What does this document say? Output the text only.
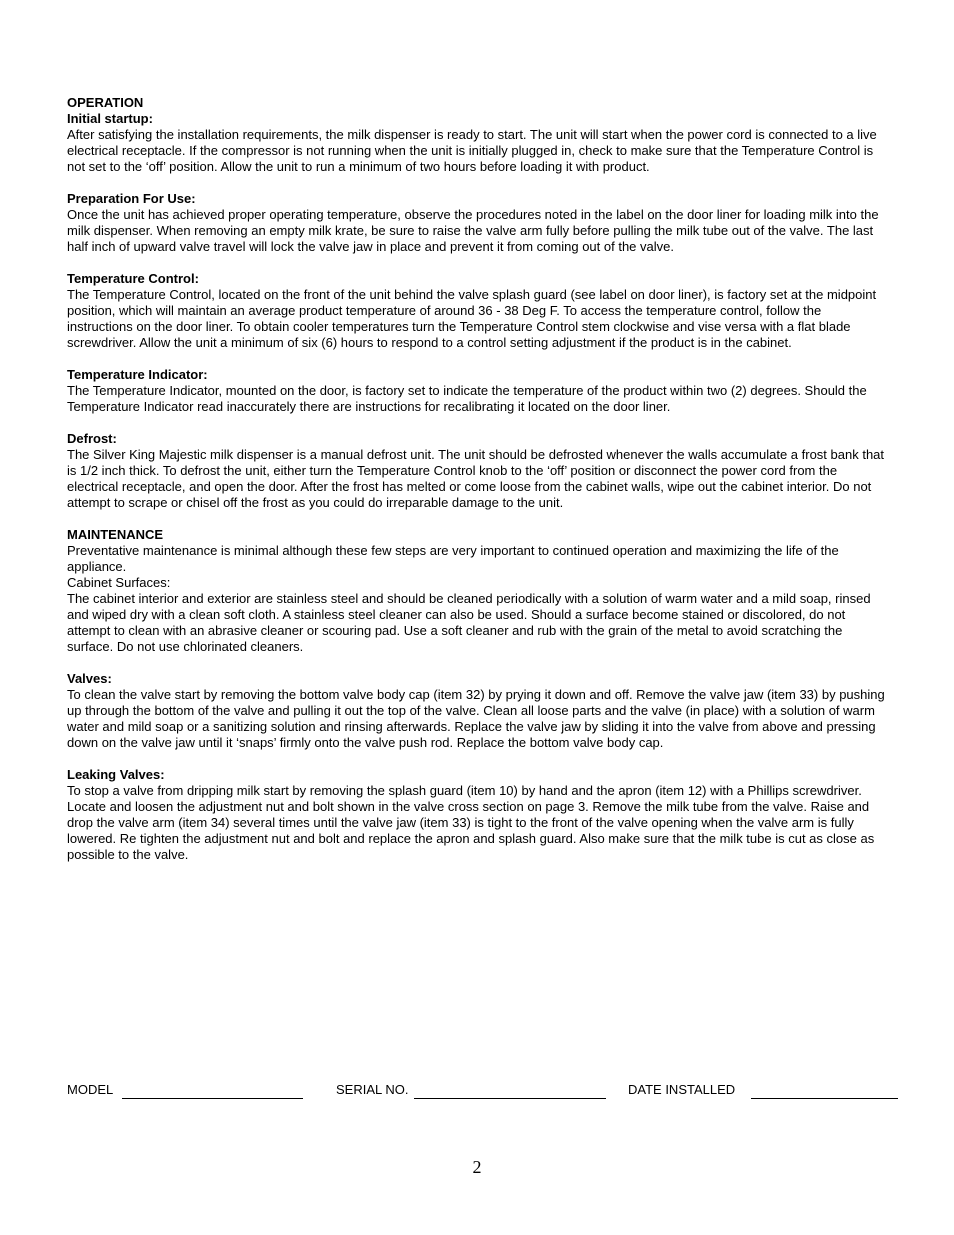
OPERATION
Initial startup:
After satisfying the installation requirements, the milk dispenser is ready to start. The unit will start when the power cord is connected to a live electrical receptacle. If the compressor is not running when the unit is initially plugged in, check to make sure that the Temperature Control is not set to the ‘off’ position. Allow the unit to run a minimum of two hours before loading it with product.
Preparation For Use:
Once the unit has achieved proper operating temperature, observe the procedures noted in the label on the door liner for loading milk into the milk dispenser. When removing an empty milk krate, be sure to raise the valve arm fully before pulling the milk tube out of the valve. The last half inch of upward valve travel will lock the valve jaw in place and prevent it from coming out of the valve.
Temperature Control:
The Temperature Control, located on the front of the unit behind the valve splash guard (see label on door liner), is factory set at the midpoint position, which will maintain an average product temperature of around 36 - 38 Deg F. To access the temperature control, follow the instructions on the door liner. To obtain cooler temperatures turn the Temperature Control stem clockwise and vise versa with a flat blade screwdriver. Allow the unit a minimum of six (6) hours to respond to a control setting adjustment if the product is in the cabinet.
Temperature Indicator:
The Temperature Indicator, mounted on the door, is factory set to indicate the temperature of the product within two (2) degrees. Should the Temperature Indicator read inaccurately there are instructions for recalibrating it located on the door liner.
Defrost:
The Silver King Majestic milk dispenser is a manual defrost unit. The unit should be defrosted whenever the walls accumulate a frost bank that is 1/2 inch thick. To defrost the unit, either turn the Temperature Control knob to the ‘off’ position or disconnect the power cord from the electrical receptacle, and open the door. After the frost has melted or come loose from the cabinet walls, wipe out the cabinet interior. Do not attempt to scrape or chisel off the frost as you could do irreparable damage to the unit.
MAINTENANCE
Preventative maintenance is minimal although these few steps are very important to continued operation and maximizing the life of the appliance.
Cabinet Surfaces:
The cabinet interior and exterior are stainless steel and should be cleaned periodically with a solution of warm water and a mild soap, rinsed and wiped dry with a clean soft cloth. A stainless steel cleaner can also be used. Should a surface become stained or discolored, do not attempt to clean with an abrasive cleaner or scouring pad. Use a soft cleaner and rub with the grain of the metal to avoid scratching the surface. Do not use chlorinated cleaners.
Valves:
To clean the valve start by removing the bottom valve body cap (item 32) by prying it down and off. Remove the valve jaw (item 33) by pushing up through the bottom of the valve and pulling it out the top of the valve. Clean all loose parts and the valve (in place) with a solution of warm water and mild soap or a sanitizing solution and rinsing afterwards. Replace the valve jaw by sliding it into the valve from above and pressing down on the valve jaw until it ‘snaps’ firmly onto the valve push rod. Replace the bottom valve body cap.
Leaking Valves:
To stop a valve from dripping milk start by removing the splash guard (item 10) by hand and the apron (item 12) with a Phillips screwdriver. Locate and loosen the adjustment nut and bolt shown in the valve cross section on page 3. Remove the milk tube from the valve. Raise and drop the valve arm (item 34) several times until the valve jaw (item 33) is tight to the front of the valve opening when the valve arm is fully lowered. Re tighten the adjustment nut and bolt and replace the apron and splash guard. Also make sure that the milk tube is cut as close as possible to the valve.
MODEL	SERIAL NO.	DATE INSTALLED
2
